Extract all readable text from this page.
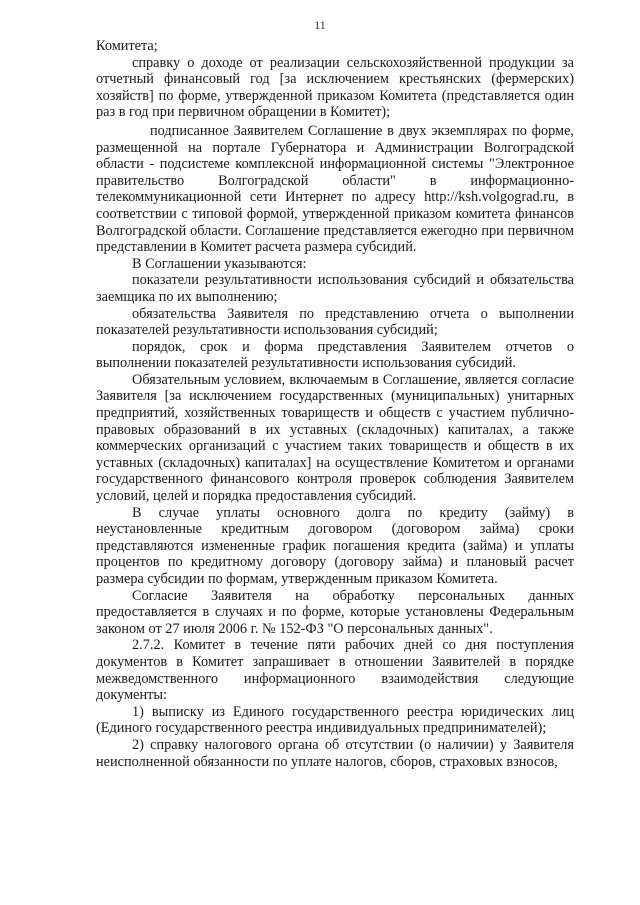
11

Комитета;

справку о доходе от реализации сельскохозяйственной продукции за отчетный финансовый год [за исключением крестьянских (фермерских) хозяйств] по форме, утвержденной приказом Комитета (представляется один раз в год при первичном обращении в Комитет);

подписанное Заявителем Соглашение в двух экземплярах по форме, размещенной на портале Губернатора и Администрации Волгоградской области - подсистеме комплексной информационной системы "Электронное правительство Волгоградской области" в информационно-телекоммуникационной сети Интернет по адресу http://ksh.volgograd.ru, в соответствии с типовой формой, утвержденной приказом комитета финансов Волгоградской области. Соглашение представляется ежегодно при первичном представлении в Комитет расчета размера субсидий.

В Соглашении указываются:

показатели результативности использования субсидий и обязательства заемщика по их выполнению;

обязательства Заявителя по представлению отчета о выполнении показателей результативности использования субсидий;

порядок, срок и форма представления Заявителем отчетов о выполнении показателей результативности использования субсидий.

Обязательным условием, включаемым в Соглашение, является согласие Заявителя [за исключением государственных (муниципальных) унитарных предприятий, хозяйственных товариществ и обществ с участием публично-правовых образований в их уставных (складочных) капиталах, а также коммерческих организаций с участием таких товариществ и обществ в их уставных (складочных) капиталах] на осуществление Комитетом и органами государственного финансового контроля проверок соблюдения Заявителем условий, целей и порядка предоставления субсидий.

В случае уплаты основного долга по кредиту (займу) в неустановленные кредитным договором (договором займа) сроки представляются измененные график погашения кредита (займа) и уплаты процентов по кредитному договору (договору займа) и плановый расчет размера субсидии по формам, утвержденным приказом Комитета.

Согласие Заявителя на обработку персональных данных предоставляется в случаях и по форме, которые установлены Федеральным законом от 27 июля 2006 г. № 152-ФЗ "О персональных данных".

2.7.2. Комитет в течение пяти рабочих дней со дня поступления документов в Комитет запрашивает в отношении Заявителей в порядке межведомственного информационного взаимодействия следующие документы:

1) выписку из Единого государственного реестра юридических лиц (Единого государственного реестра индивидуальных предпринимателей);

2) справку налогового органа об отсутствии (о наличии) у Заявителя неисполненной обязанности по уплате налогов, сборов, страховых взносов,
